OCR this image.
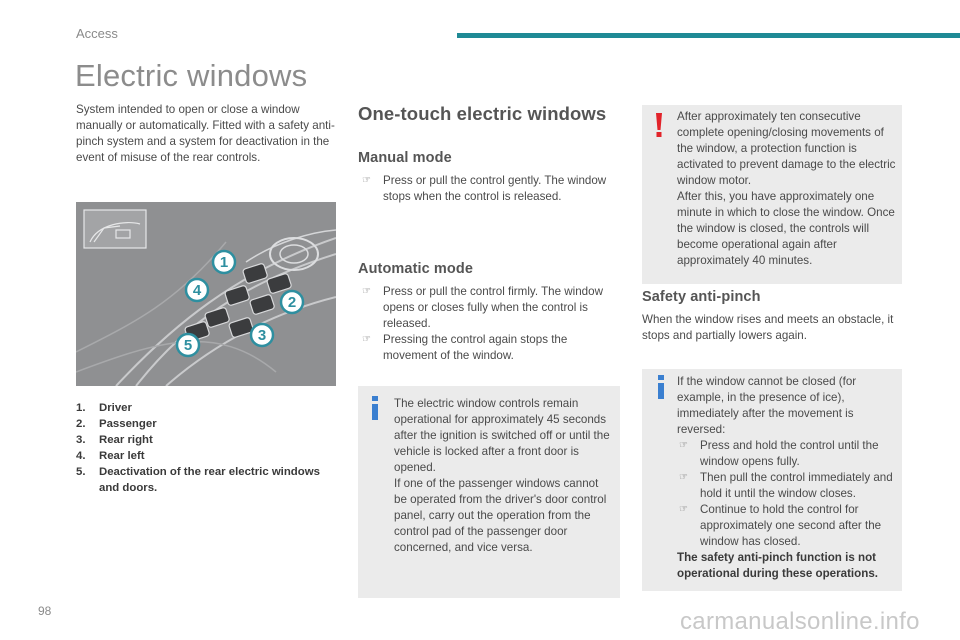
Access
Electric windows
System intended to open or close a window manually or automatically. Fitted with a safety anti-pinch system and a system for deactivation in the event of misuse of the rear controls.
1
2
3
4
5
1. Driver
2. Passenger
3. Rear right
4. Rear left
5. Deactivation of the rear electric windows and doors.
One-touch electric windows
Manual mode
☞ Press or pull the control gently. The window stops when the control is released.
Automatic mode
☞ Press or pull the control firmly. The window opens or closes fully when the control is released.
☞ Pressing the control again stops the movement of the window.
The electric window controls remain operational for approximately 45 seconds after the ignition is switched off or until the vehicle is locked after a front door is opened.
If one of the passenger windows cannot be operated from the driver's door control panel, carry out the operation from the control pad of the passenger door concerned, and vice versa.
After approximately ten consecutive complete opening/closing movements of the window, a protection function is activated to prevent damage to the electric window motor.
After this, you have approximately one minute in which to close the window. Once the window is closed, the controls will become operational again after approximately 40 minutes.
Safety anti-pinch
When the window rises and meets an obstacle, it stops and partially lowers again.
If the window cannot be closed (for example, in the presence of ice), immediately after the movement is reversed:
☞ Press and hold the control until the window opens fully.
☞ Then pull the control immediately and hold it until the window closes.
☞ Continue to hold the control for approximately one second after the window has closed.
The safety anti-pinch function is not operational during these operations.
98	carmanualsonline.info
